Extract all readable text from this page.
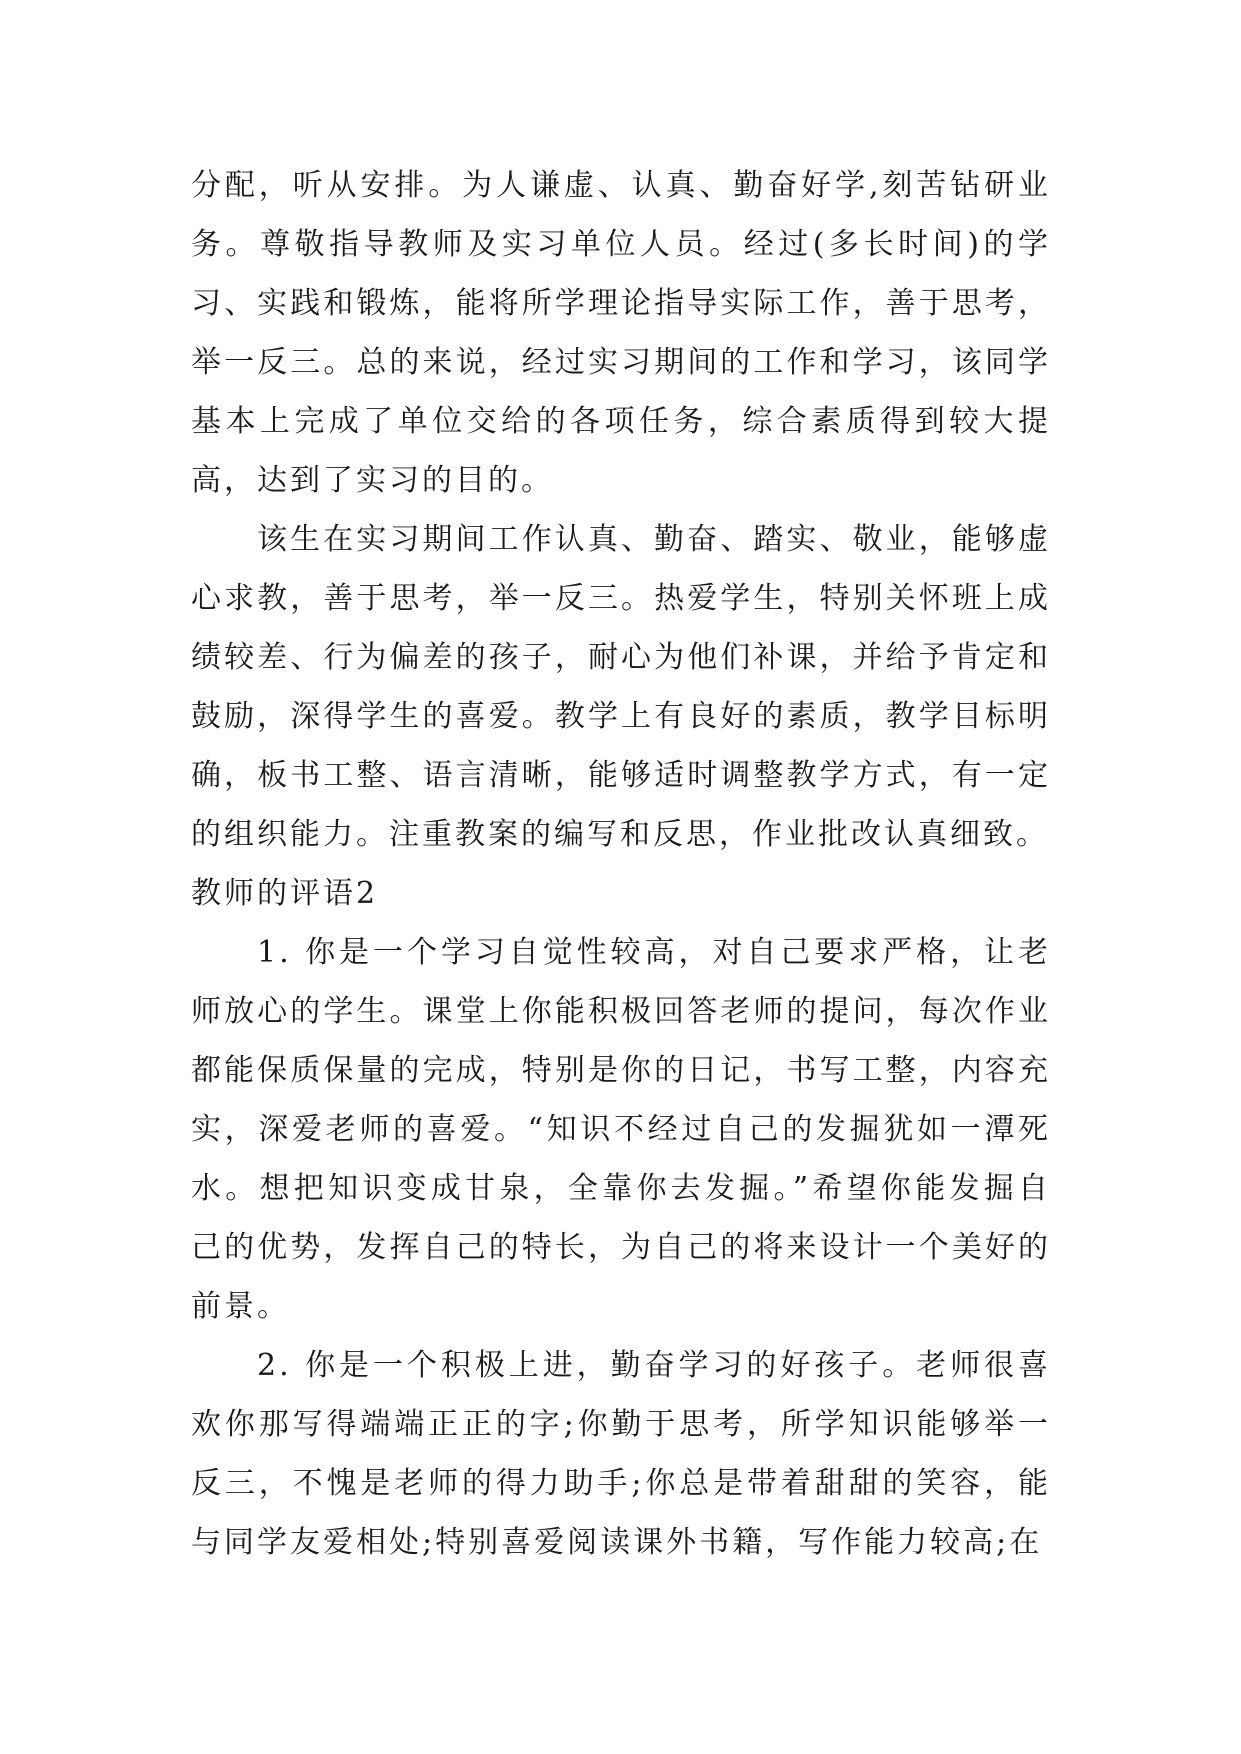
分配，听从安排。为人谦虚、认真、勤奋好学,刻苦钻研业务。尊敬指导教师及实习单位人员。经过(多长时间)的学习、实践和锻炼，能将所学理论指导实际工作，善于思考，举一反三。总的来说，经过实习期间的工作和学习，该同学基本上完成了单位交给的各项任务，综合素质得到较大提高，达到了实习的目的。

该生在实习期间工作认真、勤奋、踏实、敬业，能够虚心求教，善于思考，举一反三。热爱学生，特别关怀班上成绩较差、行为偏差的孩子，耐心为他们补课，并给予肯定和鼓励，深得学生的喜爱。教学上有良好的素质，教学目标明确，板书工整、语言清晰，能够适时调整教学方式，有一定的组织能力。注重教案的编写和反思，作业批改认真细致。

教师的评语2

1. 你是一个学习自觉性较高，对自己要求严格，让老师放心的学生。课堂上你能积极回答老师的提问，每次作业都能保质保量的完成，特别是你的日记，书写工整，内容充实，深爱老师的喜爱。“知识不经过自己的发掘犹如一潭死水。想把知识变成甘泉，全靠你去发掘。”希望你能发掘自己的优势，发挥自己的特长，为自己的将来设计一个美好的前景。

2. 你是一个积极上进，勤奋学习的好孩子。老师很喜欢你那写得端端正正的字;你勤于思考，所学知识能够举一反三，不愧是老师的得力助手;你总是带着甜甜的笑容，能与同学友爱相处;特别喜爱阅读课外书籍，写作能力较高;在
